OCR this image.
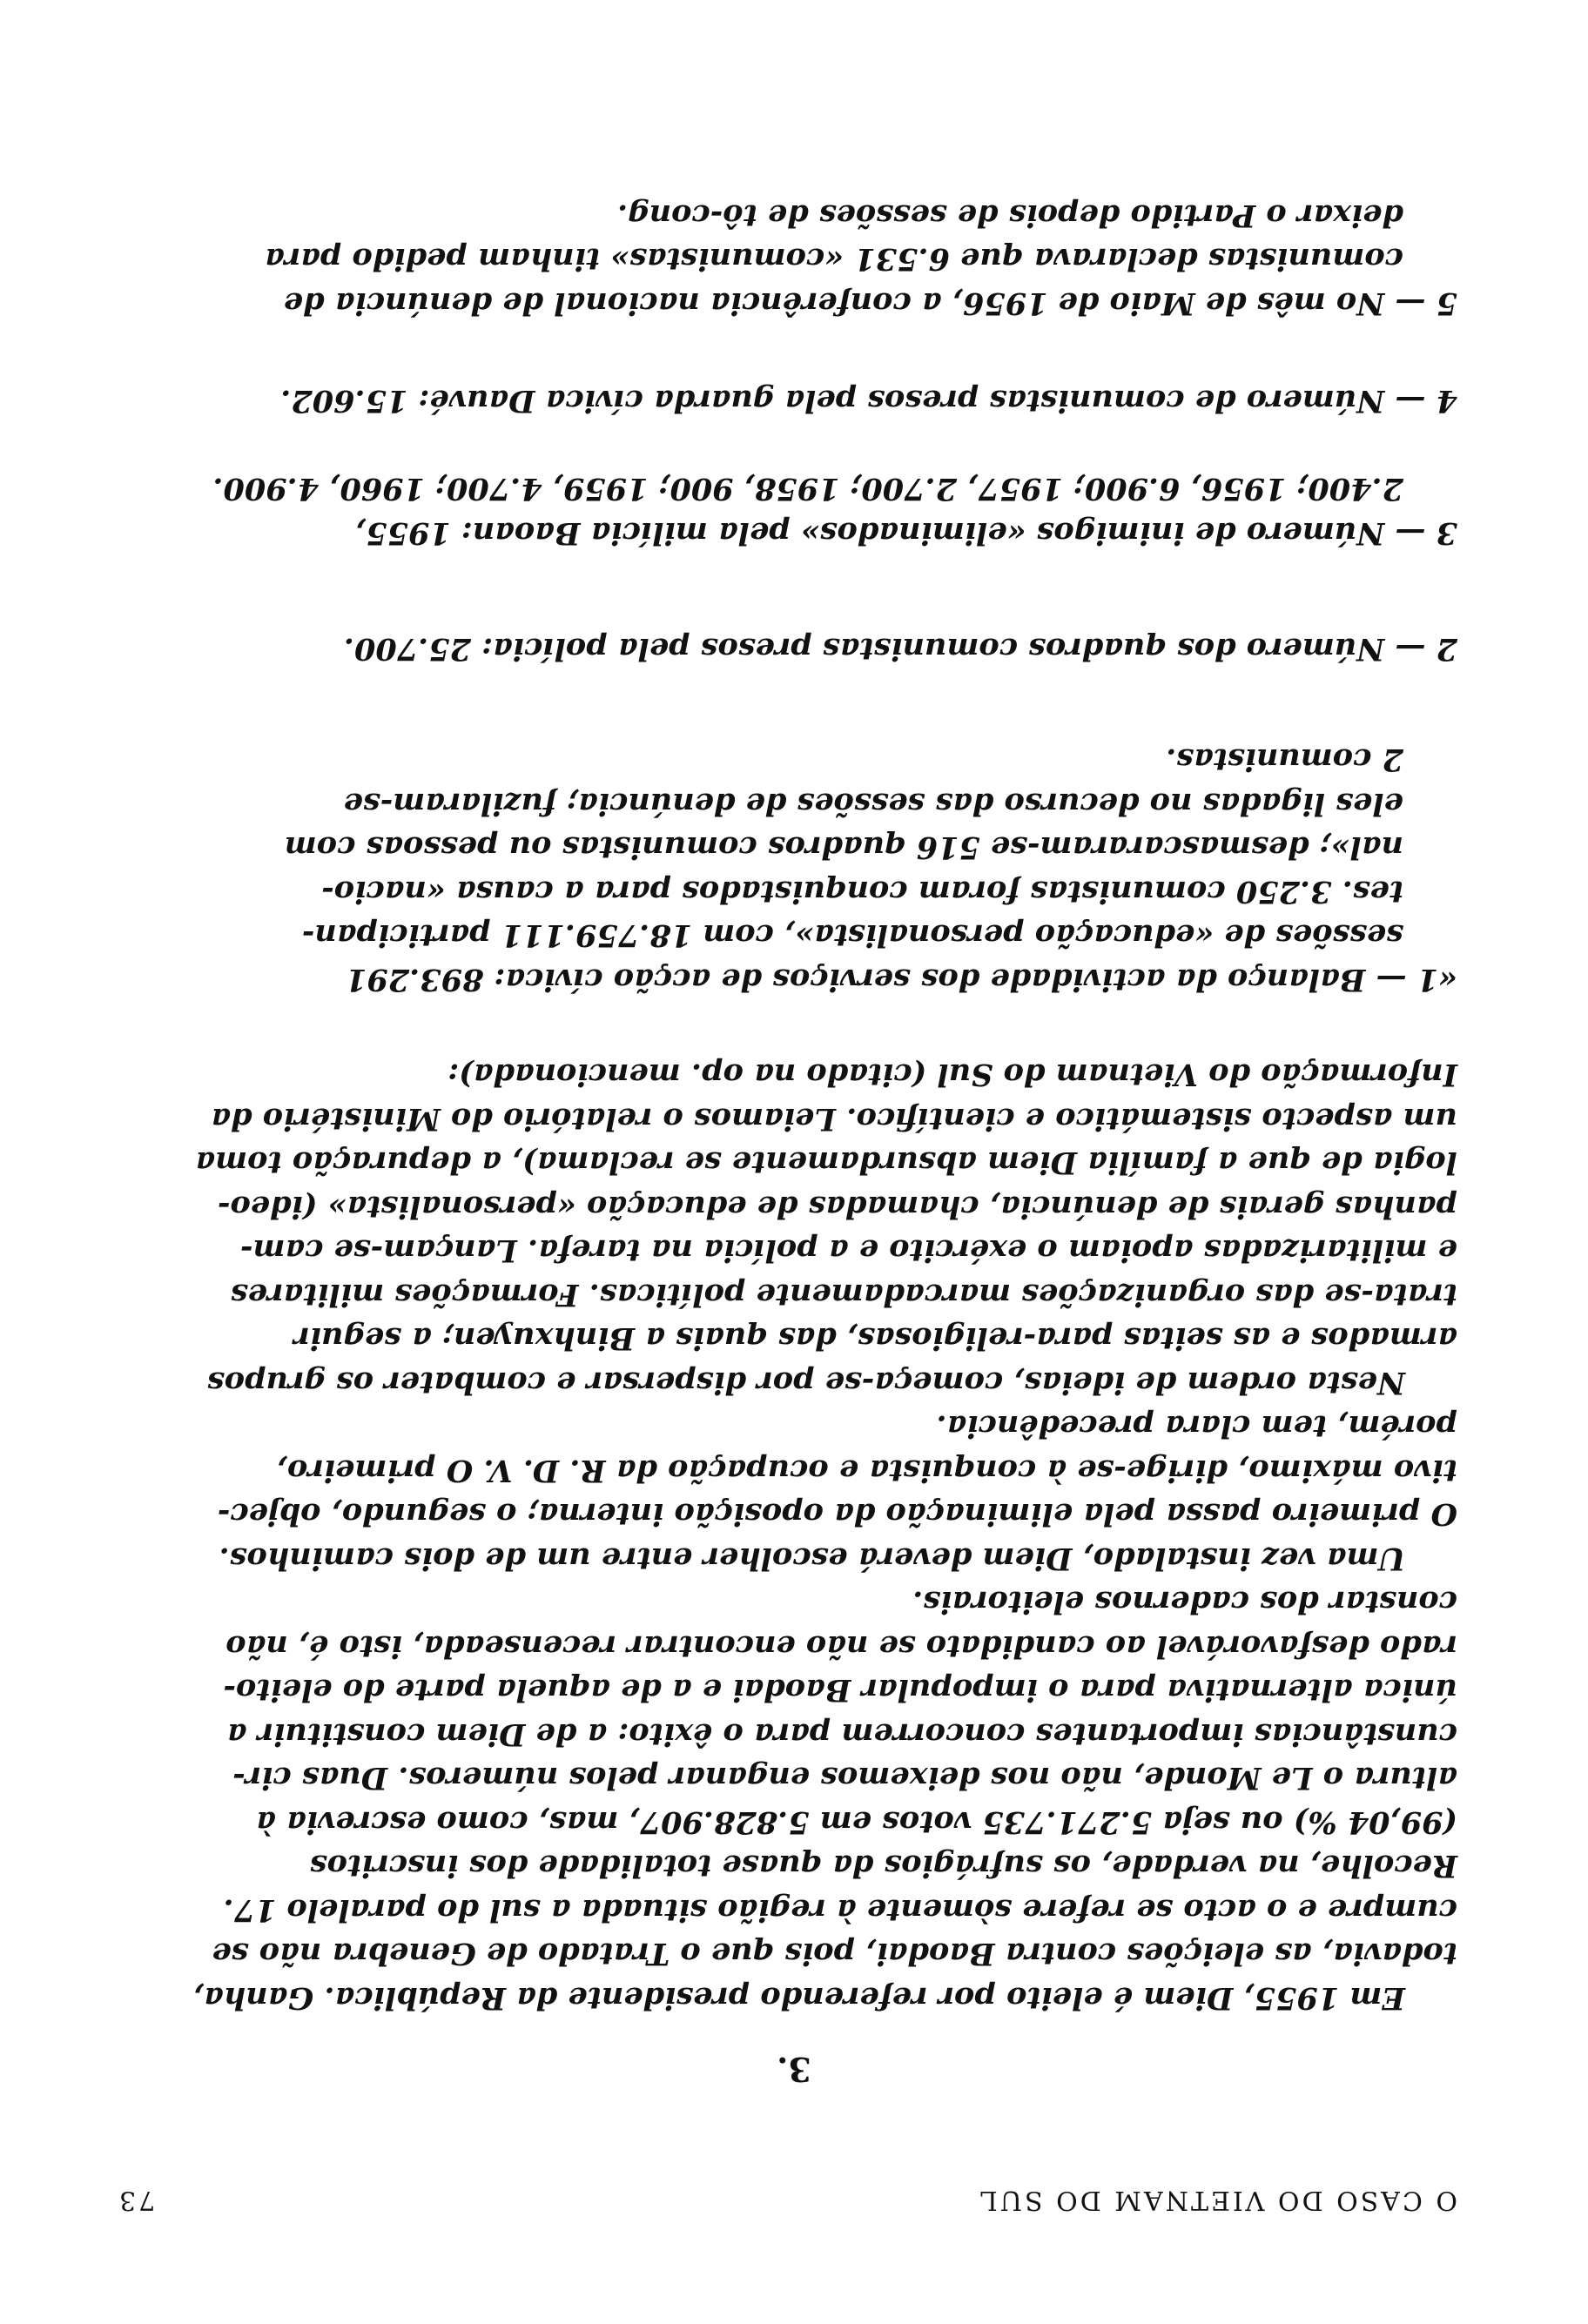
O CASO DO VIETNAM DO SUL
73
3.
Em 1955, Diem é eleito por referendo presidente da República. Ganha,
todavia, as eleições contra Baodai, pois que o Tratado de Genebra não se
cumpre e o acto se refere sòmente à região situada a sul do paralelo 17.
Recolhe, na verdade, os sufrágios da quase totalidade dos inscritos
(99,04 %) ou seja 5.271.735 votos em 5.828.907, mas, como escrevia à
altura o Le Monde, não nos deixemos enganar pelos números. Duas cir-
cunstâncias importantes concorrem para o êxito: a de Diem constituir a
única alternativa para o impopular Baodai e a de aquela parte do eleito-
rado desfavorável ao candidato se não encontrar recenseada, isto é, não
constar dos cadernos eleitorais.
Uma vez instalado, Diem deverá escolher entre um de dois caminhos.
O primeiro passa pela eliminação da oposição interna; o segundo, objec-
tivo máximo, dirige-se à conquista e ocupação da R. D. V. O primeiro,
porém, tem clara precedência.
Nesta ordem de ideias, começa-se por dispersar e combater os grupos
armados e as seitas para-religiosas, das quais a Binhxuyen; a seguir
trata-se das organizações marcadamente políticas. Formações militares
e militarizadas apoiam o exército e a polícia na tarefa. Lançam-se cam-
panhas gerais de denúncia, chamadas de educação «personalista» (ideo-
logia de que a família Diem absurdamente se reclama), a depuração toma
um aspecto sistemático e científico. Leiamos o relatório do Ministério da
Informação do Vietnam do Sul (citado na op. mencionada):
«1 — Balanço da actividade dos serviços de acção cívica: 893.291
sessões de «educação personalista», com 18.759.111 participan-
tes. 3.250 comunistas foram conquistados para a causa «nacio-
nal»; desmascararam-se 516 quadros comunistas ou pessoas com
eles ligadas no decurso das sessões de denúncia; fuzilaram-se
2 comunistas.
2 — Número dos quadros comunistas presos pela polícia: 25.700.
3 — Número de inimigos «eliminados» pela milícia Baoan: 1955,
2.400; 1956, 6.900; 1957, 2.700; 1958, 900; 1959, 4.700; 1960, 4.900.
4 — Número de comunistas presos pela guarda cívica Dauvé: 15.602.
5 — No mês de Maio de 1956, a conferência nacional de denúncia de
comunistas declarava que 6.531 «comunistas» tinham pedido para
deixar o Partido depois de sessões de tô-cong.
